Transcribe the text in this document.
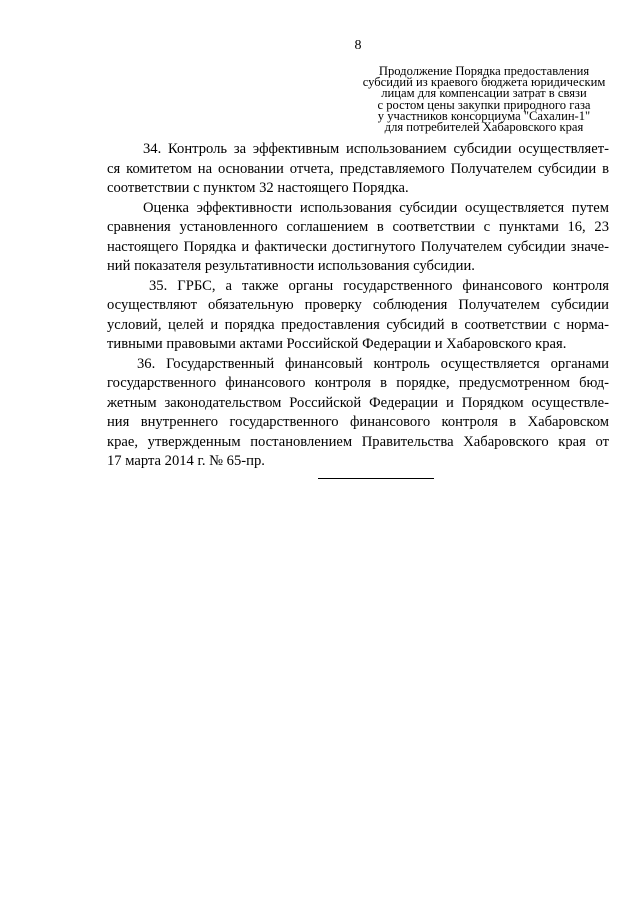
8
Продолжение Порядка предоставления
субсидий из краевого бюджета юридическим
лицам для компенсации затрат в связи
с ростом цены закупки природного газа
у участников консорциума "Сахалин-1"
для потребителей Хабаровского края
34. Контроль за эффективным использованием субсидии осуществляет-
ся комитетом на основании отчета, представляемого Получателем субсидии в
соответствии с пунктом 32 настоящего Порядка.
Оценка эффективности использования субсидии осуществляется путем
сравнения установленного соглашением в соответствии с пунктами 16, 23
настоящего Порядка и фактически достигнутого Получателем субсидии значе-
ний показателя результативности использования субсидии.
35. ГРБС, а также органы государственного финансового контроля
осуществляют обязательную проверку соблюдения Получателем субсидии
условий, целей и порядка предоставления субсидий в соответствии с норма-
тивными правовыми актами Российской Федерации и Хабаровского края.
36. Государственный финансовый контроль осуществляется органами
государственного финансового контроля в порядке, предусмотренном бюд-
жетным законодательством Российской Федерации и Порядком осуществле-
ния внутреннего государственного финансового контроля в Хабаровском
крае, утвержденным постановлением Правительства Хабаровского края от
17 марта 2014 г. № 65-пр.
